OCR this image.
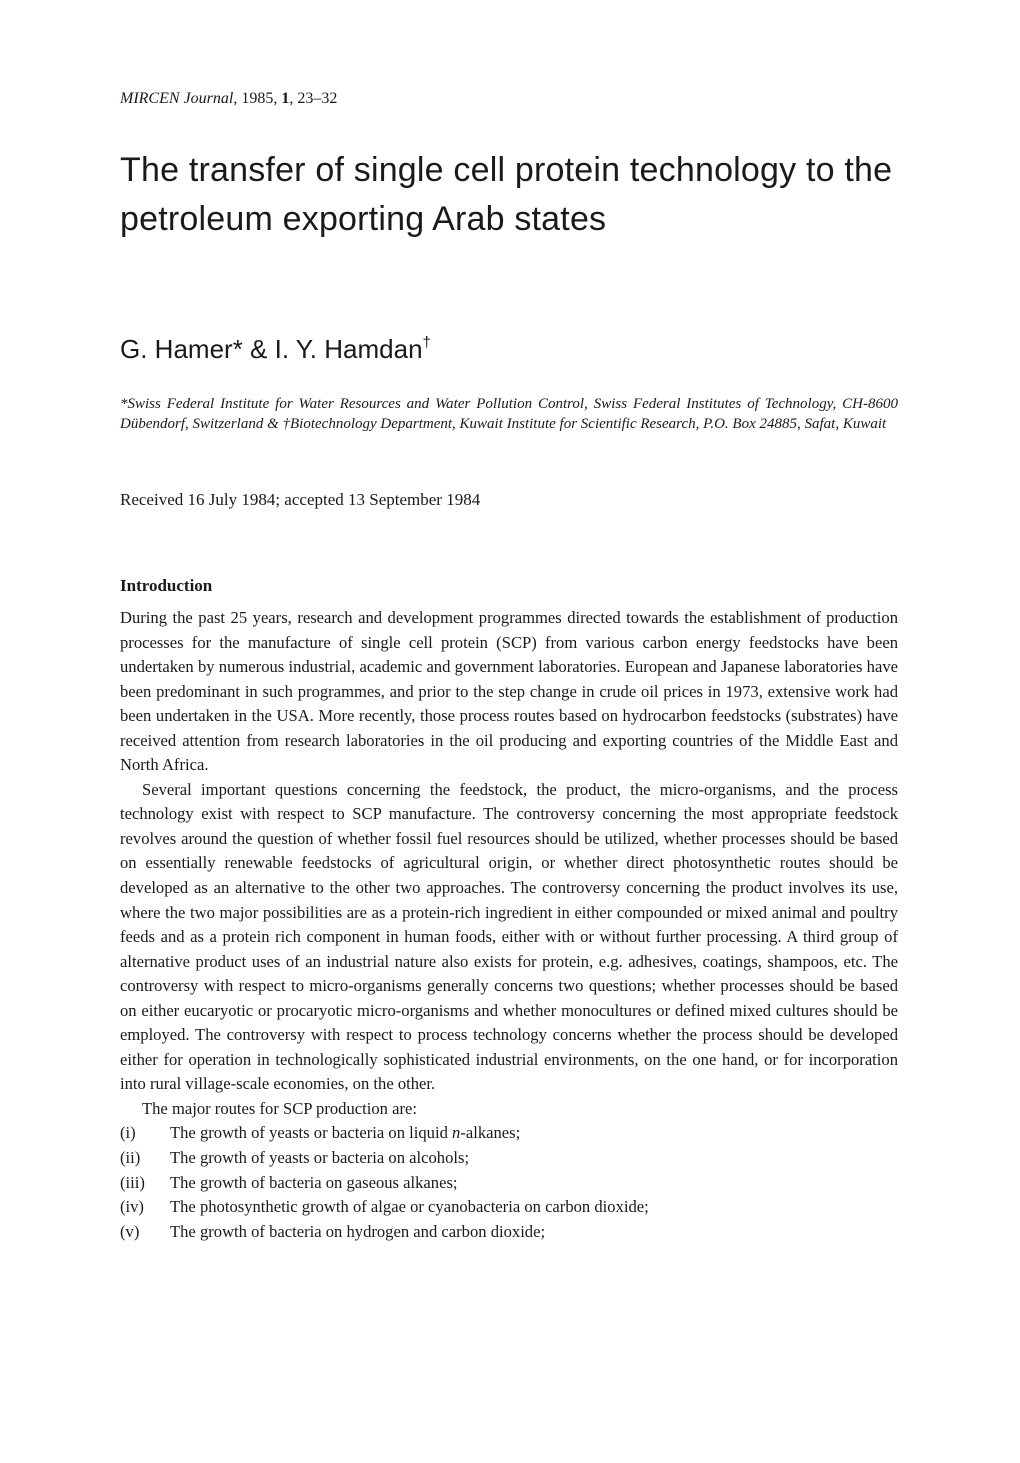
MIRCEN Journal, 1985, 1, 23–32
The transfer of single cell protein technology to the petroleum exporting Arab states
G. Hamer* & I. Y. Hamdan†
*Swiss Federal Institute for Water Resources and Water Pollution Control, Swiss Federal Institutes of Technology, CH-8600 Dübendorf, Switzerland & †Biotechnology Department, Kuwait Institute for Scientific Research, P.O. Box 24885, Safat, Kuwait
Received 16 July 1984; accepted 13 September 1984
Introduction

During the past 25 years, research and development programmes directed towards the establishment of production processes for the manufacture of single cell protein (SCP) from various carbon energy feedstocks have been undertaken by numerous industrial, academic and government laboratories. European and Japanese laboratories have been predominant in such programmes, and prior to the step change in crude oil prices in 1973, extensive work had been undertaken in the USA. More recently, those process routes based on hydrocarbon feedstocks (substrates) have received attention from research laboratories in the oil producing and exporting countries of the Middle East and North Africa.

Several important questions concerning the feedstock, the product, the micro-organisms, and the process technology exist with respect to SCP manufacture. The controversy concerning the most appropriate feedstock revolves around the question of whether fossil fuel resources should be utilized, whether processes should be based on essentially renewable feedstocks of agricultural origin, or whether direct photosynthetic routes should be developed as an alternative to the other two approaches. The controversy concerning the product involves its use, where the two major possibilities are as a protein-rich ingredient in either compounded or mixed animal and poultry feeds and as a protein rich component in human foods, either with or without further processing. A third group of alternative product uses of an industrial nature also exists for protein, e.g. adhesives, coatings, shampoos, etc. The controversy with respect to micro-organisms generally concerns two questions; whether processes should be based on either eucaryotic or procaryotic micro-organisms and whether monocultures or defined mixed cultures should be employed. The controversy with respect to process technology concerns whether the process should be developed either for operation in technologically sophisticated industrial environments, on the one hand, or for incorporation into rural village-scale economies, on the other.

The major routes for SCP production are:

(i)	The growth of yeasts or bacteria on liquid n-alkanes;
(ii)	The growth of yeasts or bacteria on alcohols;
(iii)	The growth of bacteria on gaseous alkanes;
(iv)	The photosynthetic growth of algae or cyanobacteria on carbon dioxide;
(v)	The growth of bacteria on hydrogen and carbon dioxide;
